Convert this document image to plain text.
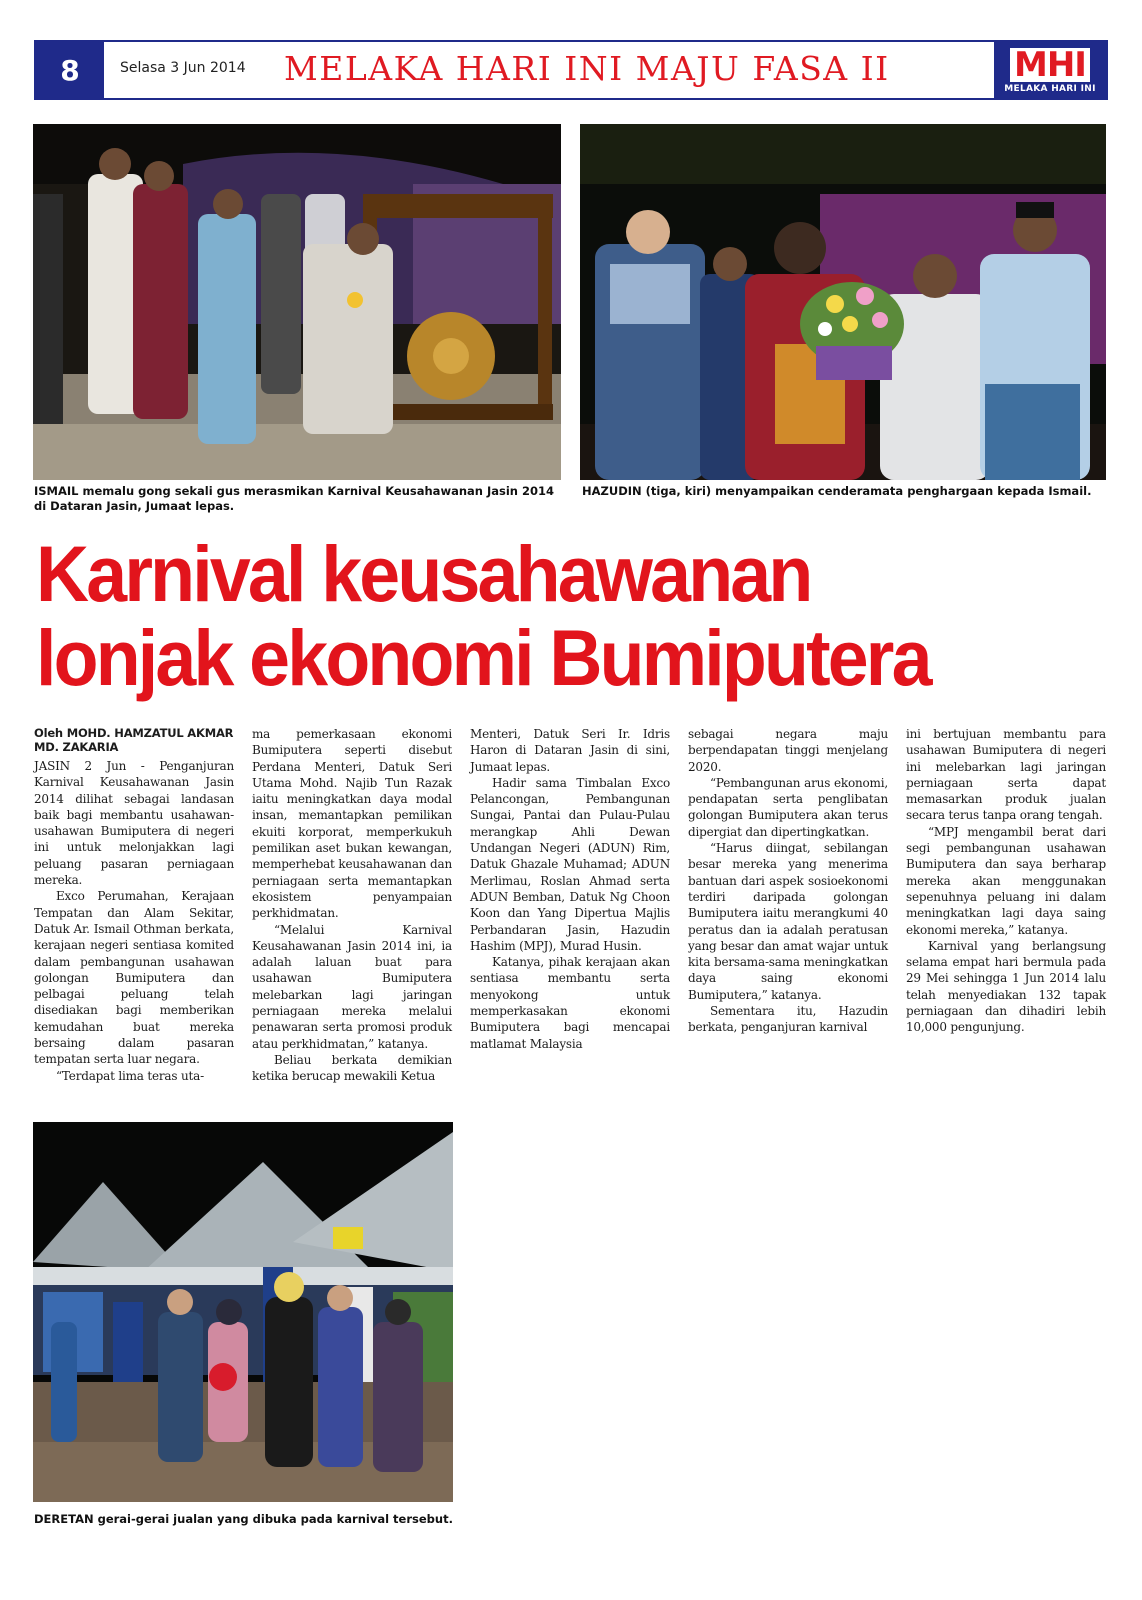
8	Selasa 3 Jun 2014 MELAKA HARI INI MAJU FASA II	MHI
MELAKA HARI INI
ISMAIL memalu gong sekali gus merasmikan Karnival Keusahawanan Jasin 2014 di Dataran Jasin, Jumaat lepas.
HAZUDIN (tiga, kiri) menyampaikan cenderamata penghargaan kepada Ismail.
Karnival keusahawanan
lonjak ekonomi Bumiputera
Oleh MOHD. HAMZATUL AKMAR
MD. ZAKARIA

JASIN 2 Jun - Penganjuran Karnival Keusahawanan Jasin 2014 dilihat sebagai landasan baik bagi membantu usahawan-usahawan Bumiputera di negeri ini untuk melonjakkan lagi peluang pasaran perniagaan mereka.

Exco Perumahan, Kerajaan Tempatan dan Alam Sekitar, Datuk Ar. Ismail Othman berkata, kerajaan negeri sentiasa komited dalam pembangunan usahawan golongan Bumiputera dan pelbagai peluang telah disediakan bagi memberikan kemudahan buat mereka bersaing dalam pasaran tempatan serta luar negara.

“Terdapat lima teras uta-

ma pemerkasaan ekonomi Bumiputera seperti disebut Perdana Menteri, Datuk Seri Utama Mohd. Najib Tun Razak iaitu meningkatkan daya modal insan, memantapkan pemilikan ekuiti korporat, memperkukuh pemilikan aset bukan kewangan, memperhebat keusahawanan dan perniagaan serta memantapkan ekosistem penyampaian perkhidmatan.

“Melalui Karnival Keusahawanan Jasin 2014 ini, ia adalah laluan buat para usahawan Bumiputera melebarkan lagi jaringan perniagaan mereka melalui penawaran serta promosi produk atau perkhidmatan,” katanya.

Beliau berkata demikian ketika berucap mewakili Ketua

Menteri, Datuk Seri Ir. Idris Haron di Dataran Jasin di sini, Jumaat lepas.

Hadir sama Timbalan Exco Pelancongan, Pembangunan Sungai, Pantai dan Pulau-Pulau merangkap Ahli Dewan Undangan Negeri (ADUN) Rim, Datuk Ghazale Muhamad; ADUN Merlimau, Roslan Ahmad serta ADUN Bemban, Datuk Ng Choon Koon dan Yang Dipertua Majlis Perbandaran Jasin, Hazudin Hashim (MPJ), Murad Husin.

Katanya, pihak kerajaan akan sentiasa membantu serta menyokong untuk memperkasakan ekonomi Bumiputera bagi mencapai matlamat Malaysia

sebagai negara maju berpendapatan tinggi menjelang 2020.

“Pembangunan arus ekonomi, pendapatan serta penglibatan golongan Bumiputera akan terus dipergiat dan dipertingkatkan.

“Harus diingat, sebilangan besar mereka yang menerima bantuan dari aspek sosioekonomi terdiri daripada golongan Bumiputera iaitu merangkumi 40 peratus dan ia adalah peratusan yang besar dan amat wajar untuk kita bersama-sama meningkatkan daya saing ekonomi Bumiputera,” katanya.

Sementara itu, Hazudin berkata, penganjuran karnival

ini bertujuan membantu para usahawan Bumiputera di negeri ini melebarkan lagi jaringan perniagaan serta dapat memasarkan produk jualan secara terus tanpa orang tengah.

“MPJ mengambil berat dari segi pembangunan usahawan Bumiputera dan saya berharap mereka akan menggunakan sepenuhnya peluang ini dalam meningkatkan lagi daya saing ekonomi mereka,” katanya.

Karnival yang berlangsung selama empat hari bermula pada 29 Mei sehingga 1 Jun 2014 lalu telah menyediakan 132 tapak perniagaan dan dihadiri lebih 10,000 pengunjung.

DERETAN gerai-gerai jualan yang dibuka pada karnival tersebut.
